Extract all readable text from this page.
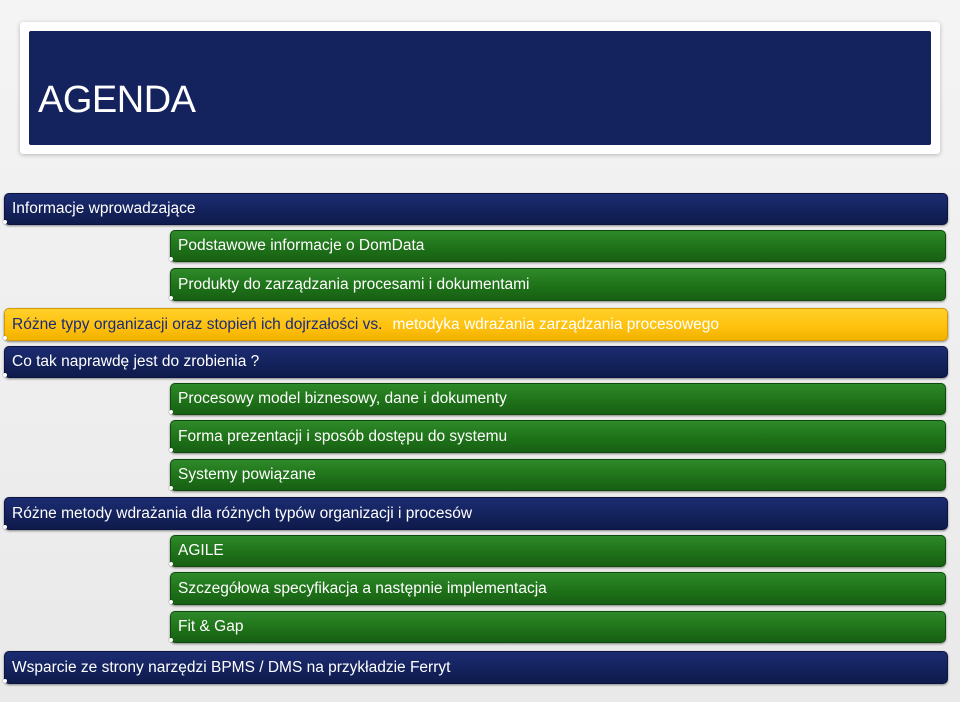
AGENDA
Informacje wprowadzające
Podstawowe informacje o DomData
Produkty do zarządzania procesami i dokumentami
Różne typy organizacji oraz stopień ich dojrzałości vs. metodyka wdrażania zarządzania procesowego
Co tak naprawdę jest do zrobienia ?
Procesowy model biznesowy, dane i dokumenty
Forma prezentacji i sposób dostępu do systemu
Systemy powiązane
Różne metody wdrażania dla różnych typów organizacji i procesów
AGILE
Szczegółowa specyfikacja a następnie implementacja
Fit & Gap
Wsparcie ze strony narzędzi BPMS / DMS na przykładzie Ferryt
